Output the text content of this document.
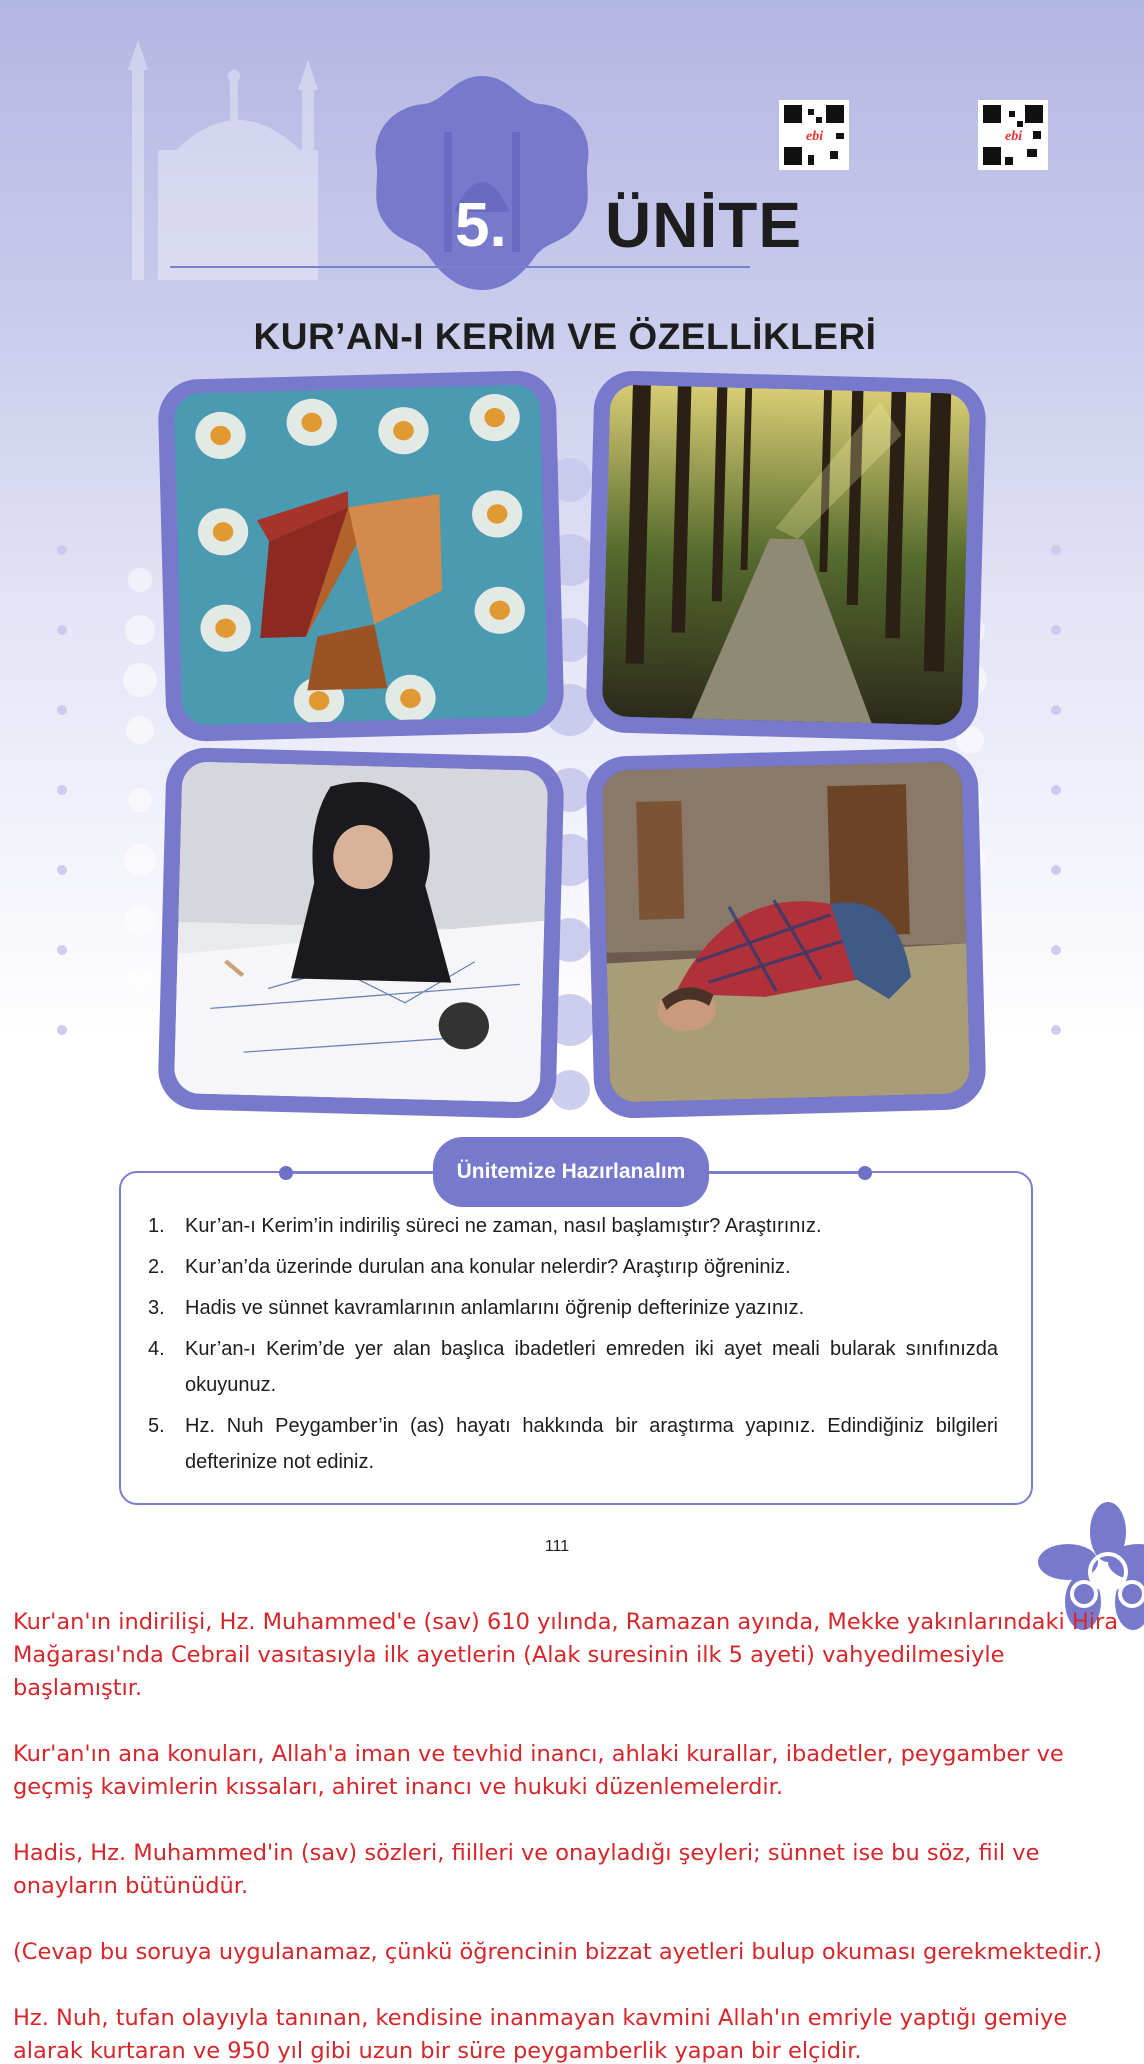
ebi	ebi
5. ÜNİTE
KUR’AN-I KERİM VE ÖZELLİKLERİ
Ünitemize Hazırlanalım
1. Kur’an-ı Kerim’in indiriliş süreci ne zaman, nasıl başlamıştır? Araştırınız.
2. Kur’an’da üzerinde durulan ana konular nelerdir? Araştırıp öğreniniz.
3. Hadis ve sünnet kavramlarının anlamlarını öğrenip defterinize yazınız.
4. Kur’an-ı Kerim’de yer alan başlıca ibadetleri emreden iki ayet meali bularak sınıfınızda okuyunuz.
5. Hz. Nuh Peygamber’in (as) hayatı hakkında bir araştırma yapınız. Edindiğiniz bilgileri defterinize not ediniz.
111

Kur'an'ın indirilişi, Hz. Muhammed'e (sav) 610 yılında, Ramazan ayında, Mekke yakınlarındaki Hira Mağarası'nda Cebrail vasıtasıyla ilk ayetlerin (Alak suresinin ilk 5 ayeti) vahyedilmesiyle başlamıştır.

Kur'an'ın ana konuları, Allah'a iman ve tevhid inancı, ahlaki kurallar, ibadetler, peygamber ve geçmiş kavimlerin kıssaları, ahiret inancı ve hukuki düzenlemelerdir.

Hadis, Hz. Muhammed'in (sav) sözleri, fiilleri ve onayladığı şeyleri; sünnet ise bu söz, fiil ve onayların bütünüdür.

(Cevap bu soruya uygulanamaz, çünkü öğrencinin bizzat ayetleri bulup okuması gerekmektedir.)

Hz. Nuh, tufan olayıyla tanınan, kendisine inanmayan kavmini Allah'ın emriyle yaptığı gemiye alarak kurtaran ve 950 yıl gibi uzun bir süre peygamberlik yapan bir elçidir.
